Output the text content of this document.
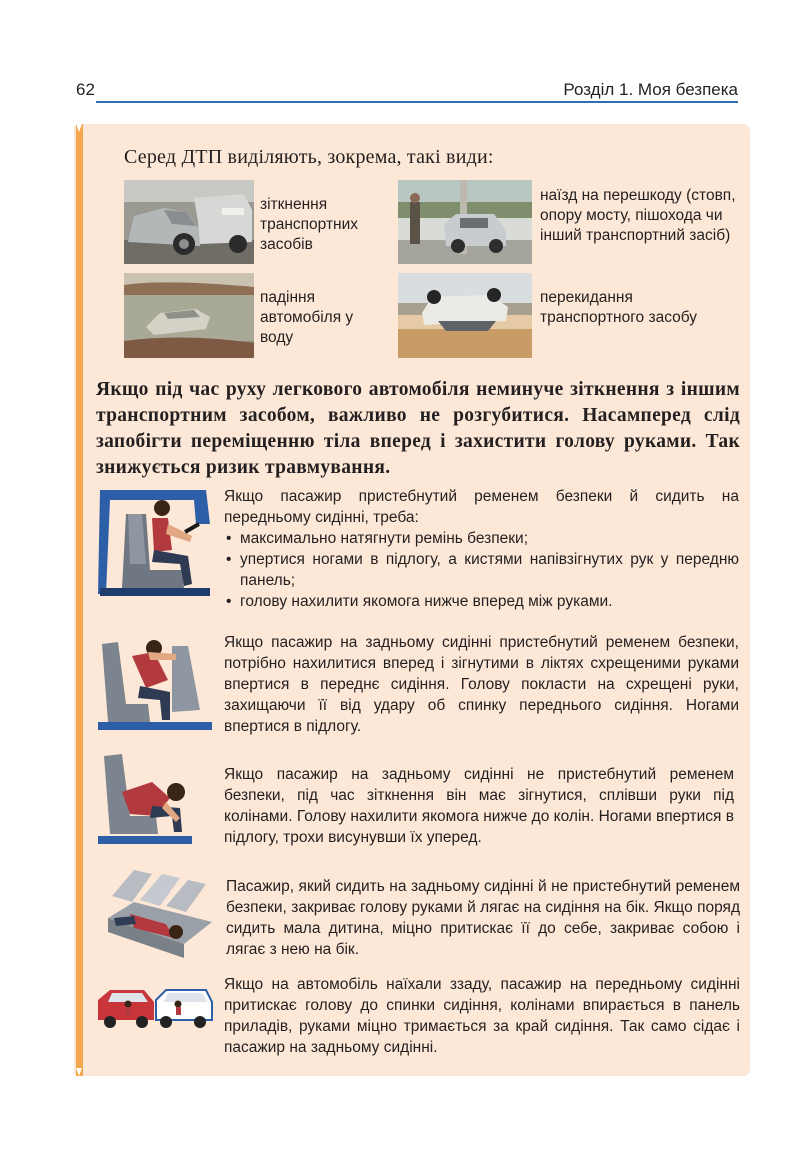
62	Розділ 1. Моя безпека
Серед ДТП виділяють, зокрема, такі види:
зіткнення транспортних засобів
наїзд на перешкоду (стовп, опору мосту, пішохода чи інший транспортний засіб)
падіння автомобіля у воду
перекидання транспортного засобу
Якщо під час руху легкового автомобіля неминуче зіткнення з іншим транспортним засобом, важливо не розгубитися. Насамперед слід запобігти переміщенню тіла вперед і захистити голову руками. Так знижується ризик травмування.
Якщо пасажир пристебнутий ременем безпеки й сидить на передньому сидінні, треба:
• максимально натягнути ремінь безпеки;
• упертися ногами в підлогу, а кистями напівзігнутих рук у передню панель;
• голову нахилити якомога нижче вперед між руками.
Якщо пасажир на задньому сидінні пристебнутий ременем безпеки, потрібно нахилитися вперед і зігнутими в ліктях схрещеними руками впертися в переднє сидіння. Голову покласти на схрещені руки, захищаючи її від удару об спинку переднього сидіння. Ногами впертися в підлогу.
Якщо пасажир на задньому сидінні не пристебнутий ременем безпеки, під час зіткнення він має зігнутися, сплівши руки під колінами. Голову нахилити якомога нижче до колін. Ногами впертися в підлогу, трохи висунувши їх уперед.
Пасажир, який сидить на задньому сидінні й не пристебнутий ременем безпеки, закриває голову руками й лягає на сидіння на бік. Якщо поряд сидить мала дитина, міцно притискає її до себе, закриває собою і лягає з нею на бік.
Якщо на автомобіль наїхали ззаду, пасажир на передньому сидінні притискає голову до спинки сидіння, колінами впирається в панель приладів, руками міцно тримається за край сидіння. Так само сідає і пасажир на задньому сидінні.
